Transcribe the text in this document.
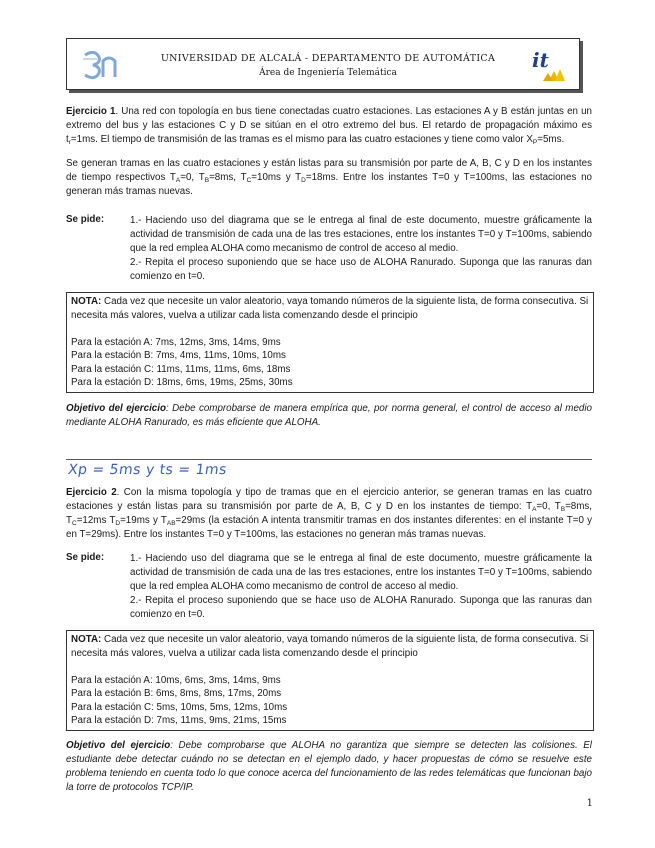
UNIVERSIDAD DE ALCALÁ - DEPARTAMENTO DE AUTOMÁTICA
Área de Ingeniería Telemática
it

Ejercicio 1. Una red con topología en bus tiene conectadas cuatro estaciones. Las estaciones A y B están juntas en un extremo del bus y las estaciones C y D se sitúan en el otro extremo del bus. El retardo de propagación máximo es $t_r=1ms$. El tiempo de transmisión de las tramas es el mismo para las cuatro estaciones y tiene como valor $X_P=5ms$.

Se generan tramas en las cuatro estaciones y están listas para su transmisión por parte de A, B, C y D en los instantes de tiempo respectivos $T_A=0$, $T_B=8ms$, $T_C=10ms$ y $T_D=18ms$. Entre los instantes T=0 y T=100ms, las estaciones no generan más tramas nuevas.

Se pide:	1.- Haciendo uso del diagrama que se le entrega al final de este documento, muestre gráficamente la actividad de transmisión de cada una de las tres estaciones, entre los instantes T=0 y T=100ms, sabiendo que la red emplea ALOHA como mecanismo de control de acceso al medio.

2.- Repita el proceso suponiendo que se hace uso de ALOHA Ranurado. Suponga que las ranuras dan comienzo en t=0.

NOTA: Cada vez que necesite un valor aleatorio, vaya tomando números de la siguiente lista, de forma consecutiva. Si necesita más valores, vuelva a utilizar cada lista comenzando desde el principio

Para la estación A: 7ms, 12ms, 3ms, 14ms, 9ms

Para la estación B: 7ms, 4ms, 11ms, 10ms, 10ms

Para la estación C: 11ms, 11ms, 11ms, 6ms, 18ms

Para la estación D: 18ms, 6ms, 19ms, 25ms, 30ms

Objetivo del ejercicio: Debe comprobarse de manera empírica que, por norma general, el control de acceso al medio mediante ALOHA Ranurado, es más eficiente que ALOHA.
Xp = 5ms y ts = 1ms

Ejercicio 2. Con la misma topología y tipo de tramas que en el ejercicio anterior, se generan tramas en las cuatro estaciones y están listas para su transmisión por parte de A, B, C y D en los instantes de tiempo: $T_A=0$, $T_B=8ms$, $T_C=12ms$ $T_D=19ms$ y $T_{AB}=29ms$ (la estación A intenta transmitir tramas en dos instantes diferentes: en el instante T=0 y en T=29ms). Entre los instantes T=0 y T=100ms, las estaciones no generan más tramas nuevas.

Se pide:	1.- Haciendo uso del diagrama que se le entrega al final de este documento, muestre gráficamente la actividad de transmisión de cada una de las tres estaciones, entre los instantes T=0 y T=100ms, sabiendo que la red emplea ALOHA como mecanismo de control de acceso al medio.

2.- Repita el proceso suponiendo que se hace uso de ALOHA Ranurado. Suponga que las ranuras dan comienzo en t=0.

NOTA: Cada vez que necesite un valor aleatorio, vaya tomando números de la siguiente lista, de forma consecutiva. Si necesita más valores, vuelva a utilizar cada lista comenzando desde el principio

Para la estación A: 10ms, 6ms, 3ms, 14ms, 9ms

Para la estación B: 6ms, 8ms, 8ms, 17ms, 20ms

Para la estación C: 5ms, 10ms, 5ms, 12ms, 10ms

Para la estación D: 7ms, 11ms, 9ms, 21ms, 15ms

Objetivo del ejercicio: Debe comprobarse que ALOHA no garantiza que siempre se detecten las colisiones. El estudiante debe detectar cuándo no se detectan en el ejemplo dado, y hacer propuestas de cómo se resuelve este problema teniendo en cuenta todo lo que conoce acerca del funcionamiento de las redes telemáticas que funcionan bajo la torre de protocolos TCP/IP.
1
